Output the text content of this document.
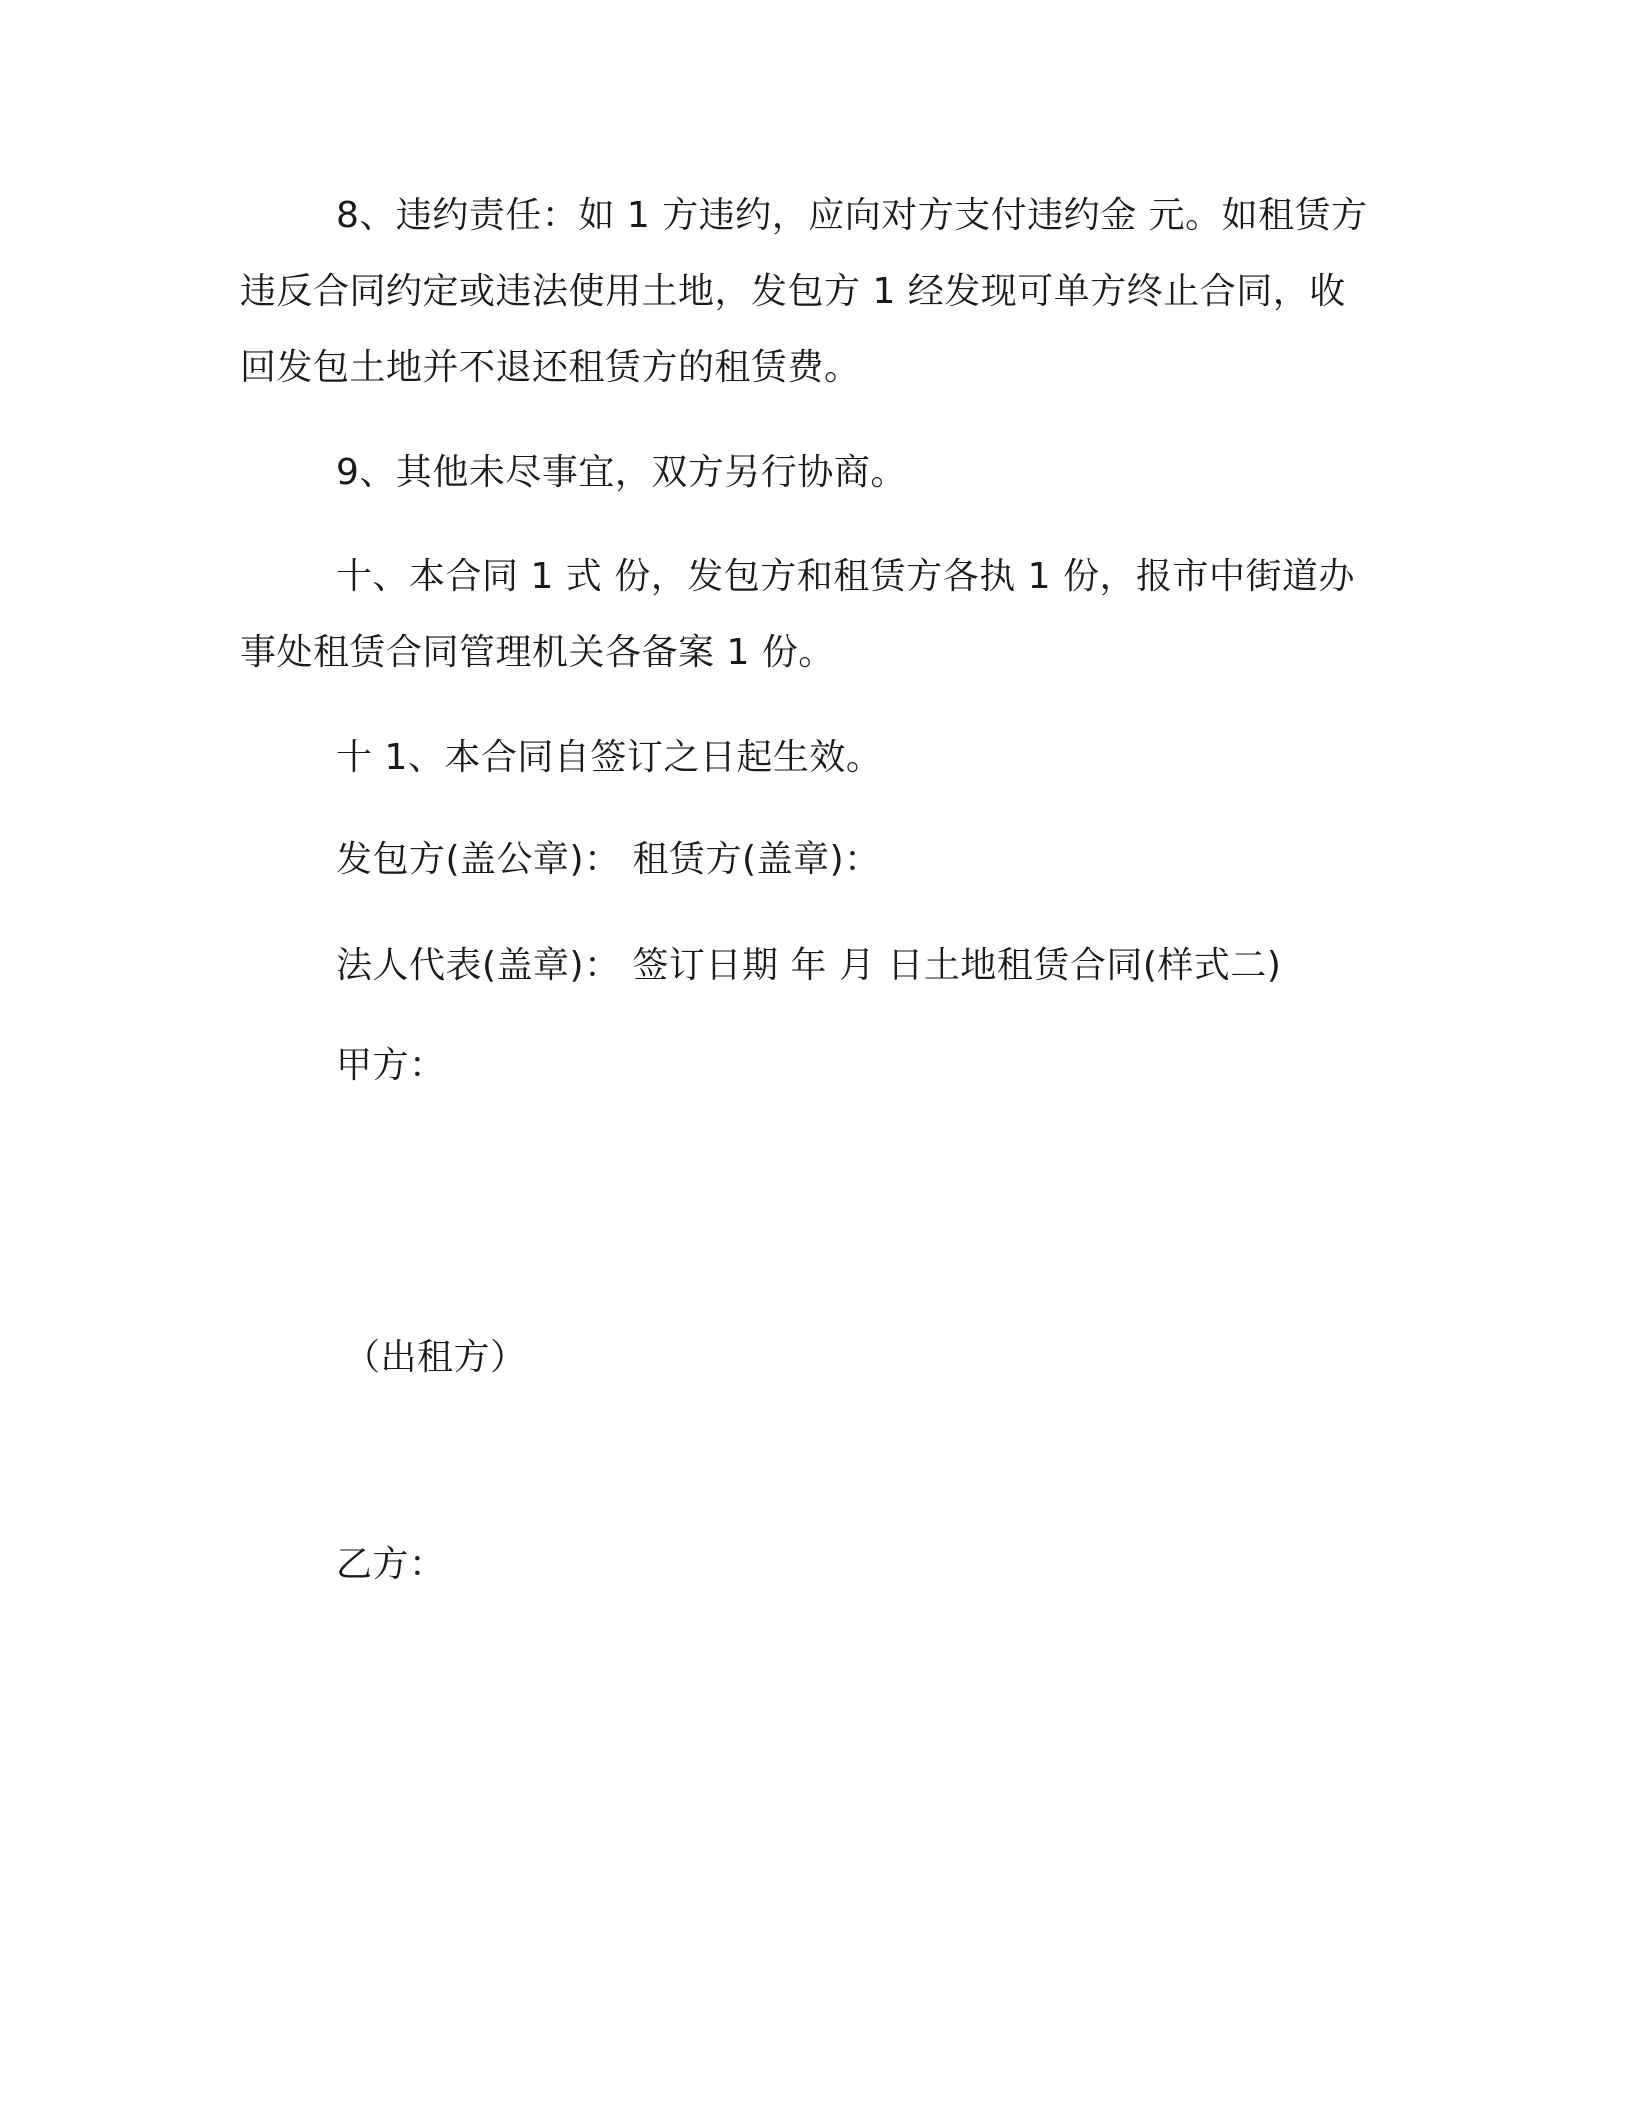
8、违约责任：如 1 方违约，应向对方支付违约金 元。如租赁方
违反合同约定或违法使用土地，发包方 1 经发现可单方终止合同，收
回发包土地并不退还租赁方的租赁费。
9、其他未尽事宜，双方另行协商。
十、本合同 1 式 份，发包方和租赁方各执 1 份，报市中街道办
事处租赁合同管理机关各备案 1 份。
十 1、本合同自签订之日起生效。
发包方(盖公章)： 租赁方(盖章)：
法人代表(盖章)： 签订日期 年 月 日土地租赁合同(样式二)
甲方：
（出租方）
乙方：
